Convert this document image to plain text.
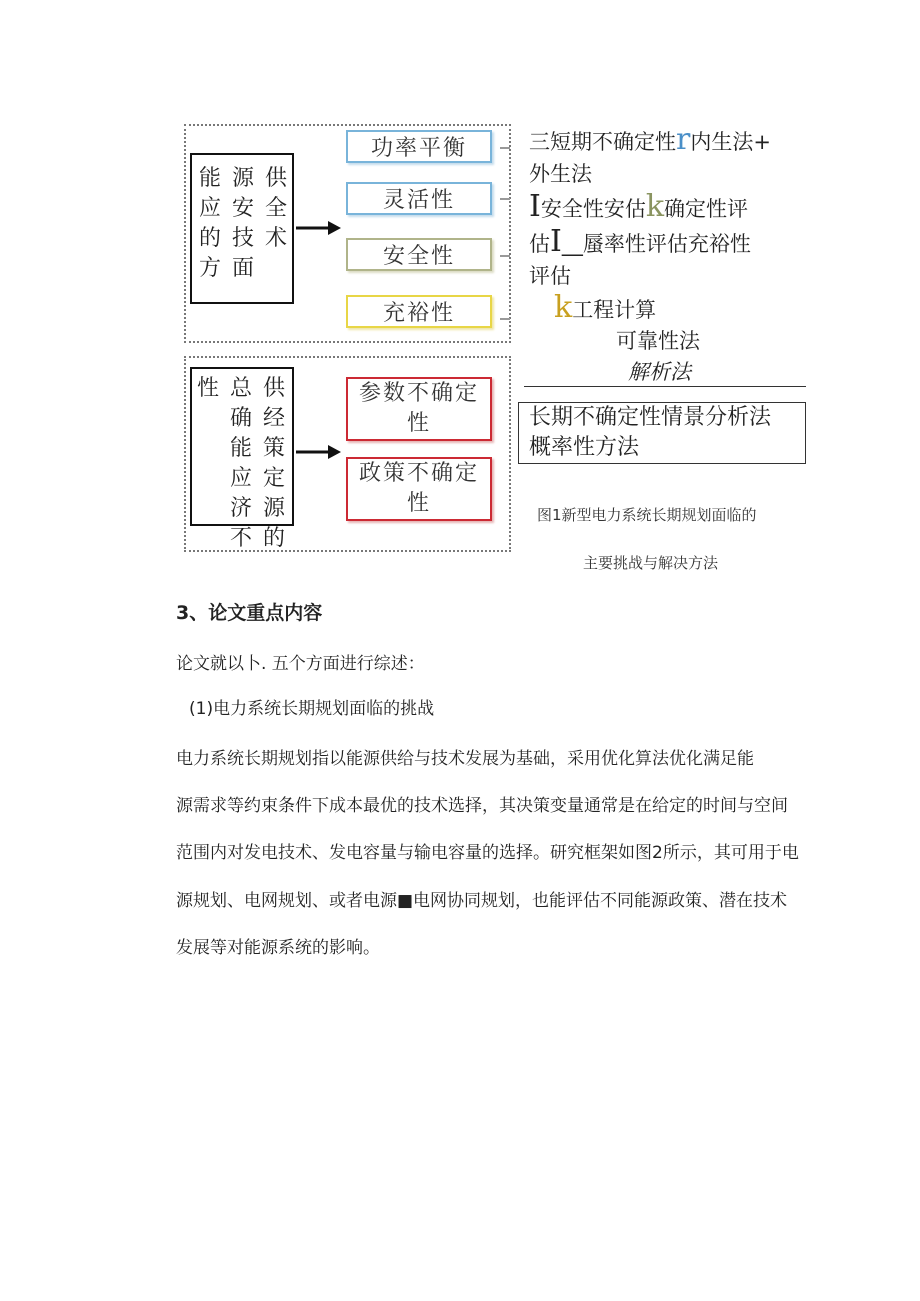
能应的方
源安技面
供全术
功率平衡
灵活性
安全性
充裕性
性 总确能应济不
供经策定源的
参数不确定性
政策不确定性
三短期不确定性r内生法+
外生法
I安全性安估k确定性评
估I__蜃率性评估充裕性
评估
k工程计算
可靠性法
解析法
长期不确定性情景分析法
概率性方法
图1新型电力系统长期规划面临的
主要挑战与解决方法
3、论文重点内容
论文就以卜. 五个方面进行综述：
(1)电力系统长期规划面临的挑战
电力系统长期规划指以能源供给与技术发展为基础，采用优化算法优化满足能
源需求等约束条件下成本最优的技术选择，其决策变量通常是在给定的时间与空间
范围内对发电技术、发电容量与输电容量的选择。研究框架如图2所示，其可用于电
源规划、电网规划、或者电源■电网协同规划，也能评估不同能源政策、潜在技术
发展等对能源系统的影响。
